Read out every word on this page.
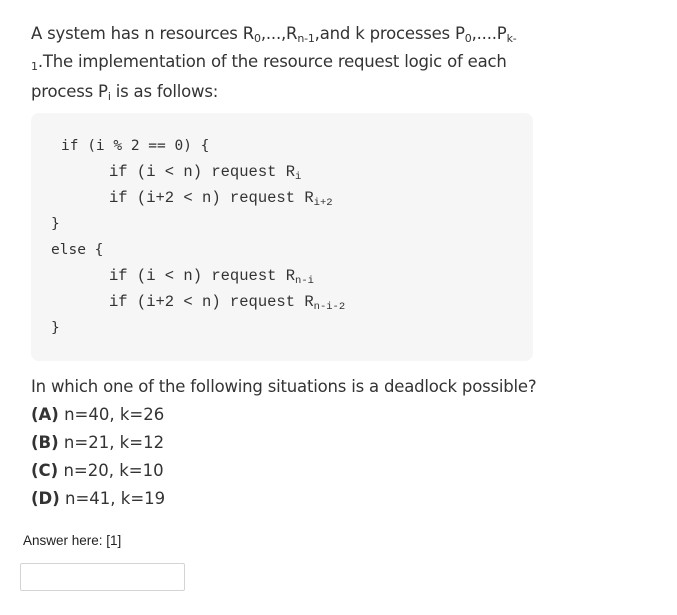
A system has n resources $R_0,...,R_{n-1},and$ k processes $P_0,....P_{k-}$
1.The implementation of the resource request logic of each
process $P_i$ is as follows:
if (i % 2 == 0) {
if (i < n) request $R_i$
if (i+2 < n) request $R_{i+2}$
}
else {
if (i < n) request $R_{n-i}$
if (i+2 < n) request $R_{n-i-2}$
}
In which one of the following situations is a deadlock possible?
(A) n=40, k=26
(B) n=21, k=12
(C) n=20, k=10
(D) n=41, k=19
Answer here: [1]
